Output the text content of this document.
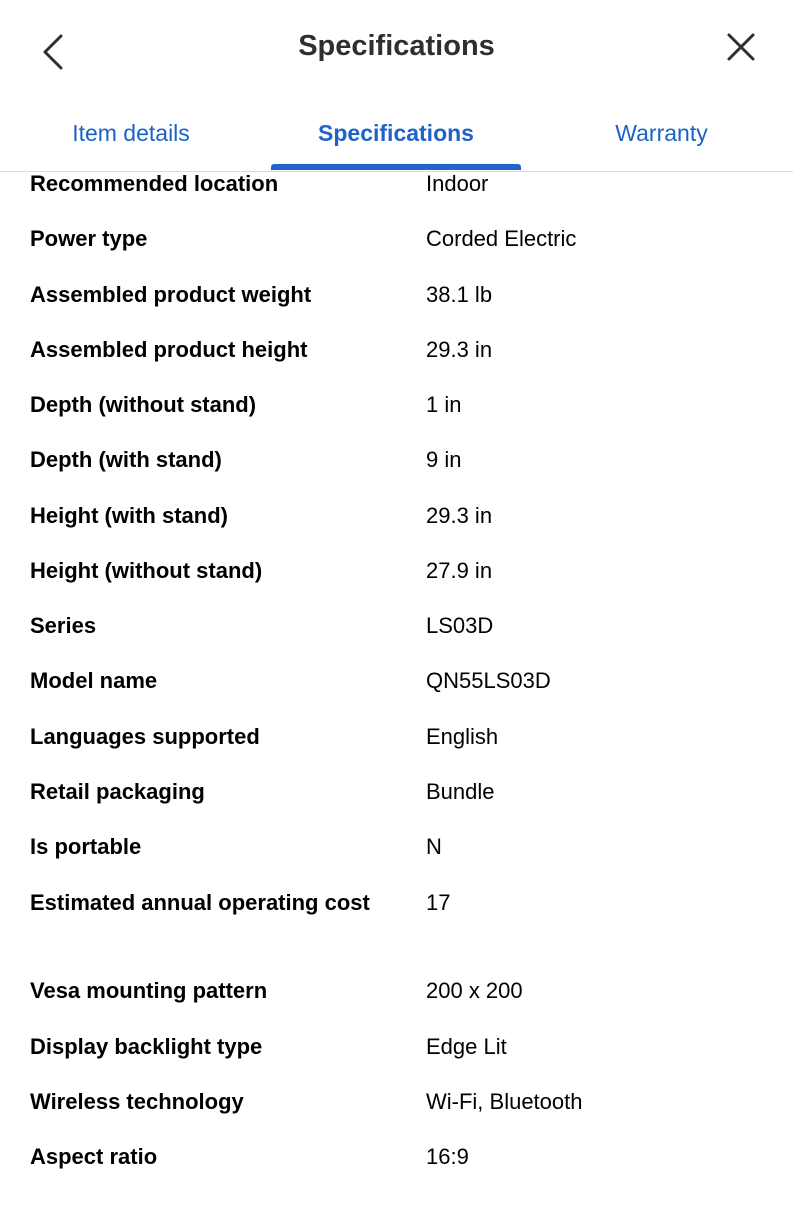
Specifications
Item details	Specifications	Warranty
Recommended location	Indoor
Power type	Corded Electric
Assembled product weight	38.1 lb
Assembled product height	29.3 in
Depth (without stand)	1 in
Depth (with stand)	9 in
Height (with stand)	29.3 in
Height (without stand)	27.9 in
Series	LS03D
Model name	QN55LS03D
Languages supported	English
Retail packaging	Bundle
Is portable	N
Estimated annual operating cost	17
Vesa mounting pattern	200 x 200
Display backlight type	Edge Lit
Wireless technology	Wi-Fi, Bluetooth
Aspect ratio	16:9
